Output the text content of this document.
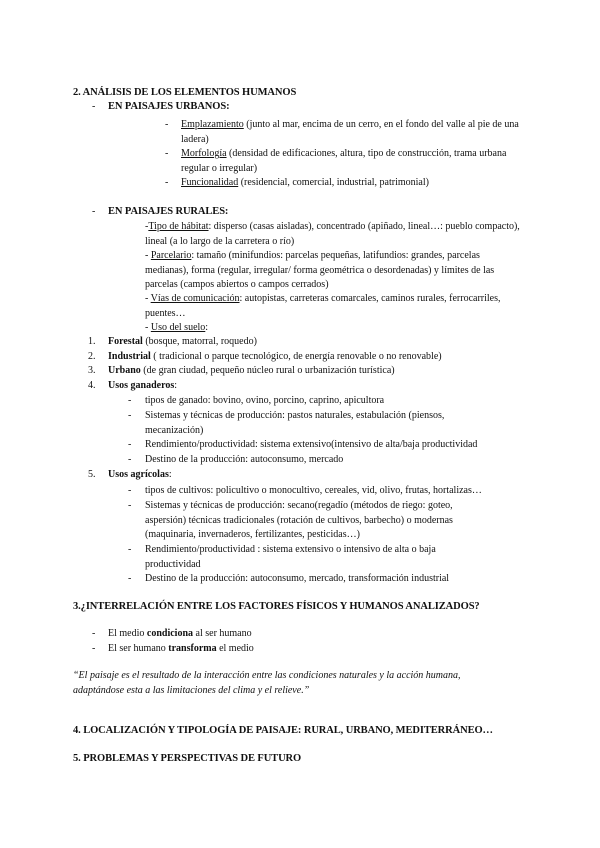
2. ANÁLISIS DE LOS ELEMENTOS HUMANOS
-	EN PAISAJES URBANOS:
-	Emplazamiento (junto al mar, encima de un cerro, en el fondo del valle al pie de una ladera)
-	Morfología (densidad de edificaciones, altura, tipo de construcción, trama urbana regular o irregular)
-	Funcionalidad (residencial, comercial, industrial, patrimonial)
-	EN PAISAJES RURALES:
-Tipo de hábitat: disperso (casas aisladas), concentrado (apiñado, lineal…: pueblo compacto), lineal (a lo largo de la carretera o río)
- Parcelario: tamaño (minifundios: parcelas pequeñas, latifundios: grandes, parcelas medianas), forma (regular, irregular/ forma geométrica o desordenadas) y límites de las parcelas (campos abiertos o campos cerrados)
- Vías de comunicación: autopistas, carreteras comarcales, caminos rurales, ferrocarriles, puentes…
- Uso del suelo:
1.	Forestal (bosque, matorral, roquedo)
2.	Industrial ( tradicional o parque tecnológico, de energía renovable o no renovable)
3.	Urbano (de gran ciudad, pequeño núcleo rural o urbanización turística)
4.	Usos ganaderos:
-	tipos de ganado: bovino, ovino, porcino, caprino, apicultora
-	Sistemas y técnicas de producción: pastos naturales, estabulación (piensos, mecanización)
-	Rendimiento/productividad: sistema extensivo(intensivo de alta/baja productividad
-	Destino de la producción: autoconsumo, mercado
5.	Usos agrícolas:
-	tipos de cultivos: policultivo o monocultivo, cereales, vid, olivo, frutas, hortalizas…
-	Sistemas y técnicas de producción: secano(regadío (métodos de riego: goteo, aspersión) técnicas tradicionales (rotación de cultivos, barbecho) o modernas (maquinaria, invernaderos, fertilizantes, pesticidas…)
-	Rendimiento/productividad : sistema extensivo o intensivo de alta o baja productividad
-	Destino de la producción: autoconsumo, mercado, transformación industrial
3.¿INTERRELACIÓN ENTRE LOS FACTORES FÍSICOS Y HUMANOS ANALIZADOS?
-	El medio condiciona al ser humano
-	El ser humano transforma el medio
“El paisaje es el resultado de la interacción entre las condiciones naturales y la acción humana, adaptándose esta a las limitaciones del clima y el relieve.”
4. LOCALIZACIÓN Y TIPOLOGÍA DE PAISAJE: RURAL, URBANO, MEDITERRÁNEO…
5. PROBLEMAS Y PERSPECTIVAS DE FUTURO
